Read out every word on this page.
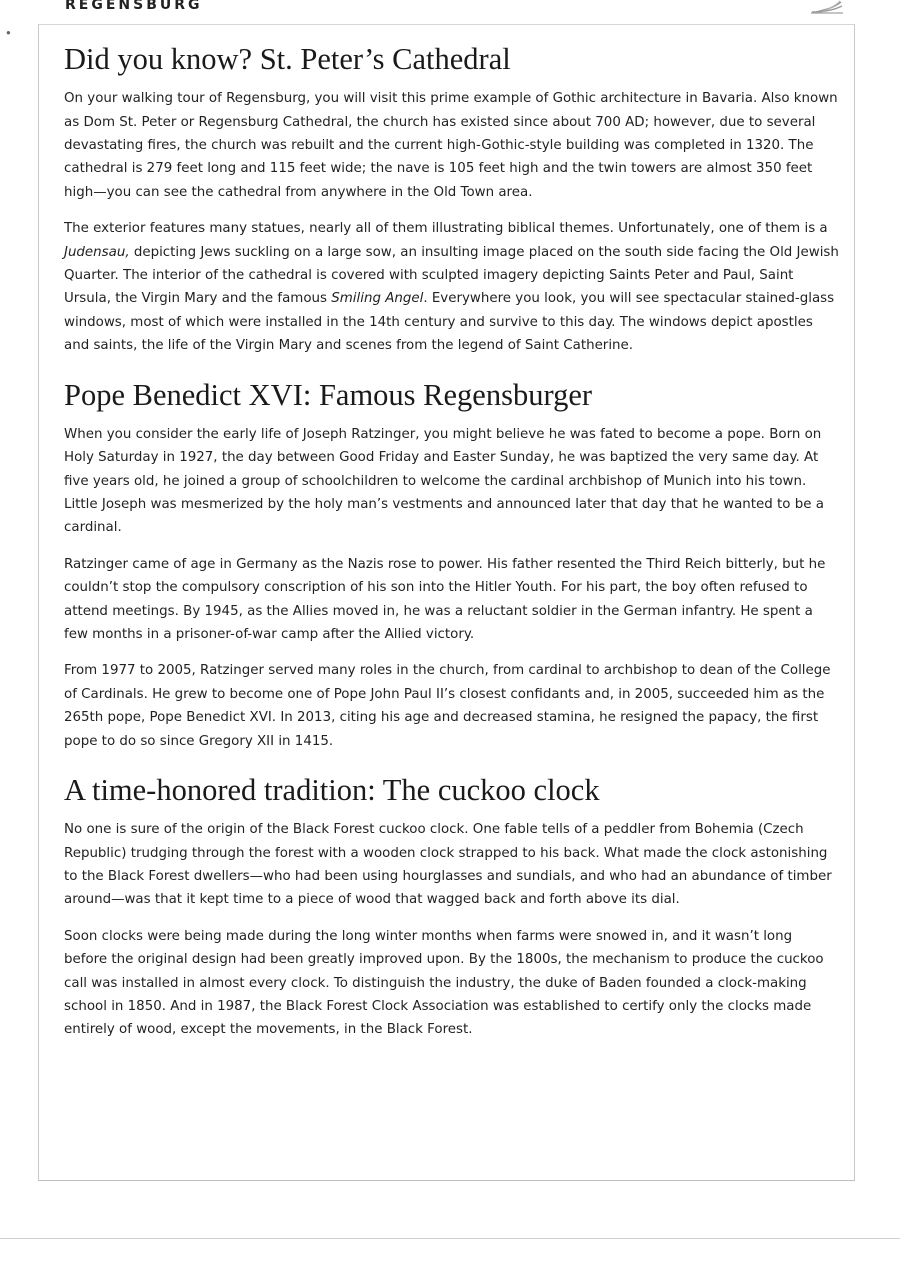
REGENSBURG
●
Did you know? St. Peter’s Cathedral

On your walking tour of Regensburg, you will visit this prime example of Gothic architecture in Bavaria. Also known as Dom St. Peter or Regensburg Cathedral, the church has existed since about 700 AD; however, due to several devastating fires, the church was rebuilt and the current high-Gothic-style building was completed in 1320. The cathedral is 279 feet long and 115 feet wide; the nave is 105 feet high and the twin towers are almost 350 feet high—you can see the cathedral from anywhere in the Old Town area.

The exterior features many statues, nearly all of them illustrating biblical themes. Unfortunately, one of them is a Judensau, depicting Jews suckling on a large sow, an insulting image placed on the south side facing the Old Jewish Quarter. The interior of the cathedral is covered with sculpted imagery depicting Saints Peter and Paul, Saint Ursula, the Virgin Mary and the famous Smiling Angel. Everywhere you look, you will see spectacular stained-glass windows, most of which were installed in the 14th century and survive to this day. The windows depict apostles and saints, the life of the Virgin Mary and scenes from the legend of Saint Catherine.

Pope Benedict XVI: Famous Regensburger

When you consider the early life of Joseph Ratzinger, you might believe he was fated to become a pope. Born on Holy Saturday in 1927, the day between Good Friday and Easter Sunday, he was baptized the very same day. At five years old, he joined a group of schoolchildren to welcome the cardinal archbishop of Munich into his town. Little Joseph was mesmerized by the holy man’s vestments and announced later that day that he wanted to be a cardinal.

Ratzinger came of age in Germany as the Nazis rose to power. His father resented the Third Reich bitterly, but he couldn’t stop the compulsory conscription of his son into the Hitler Youth. For his part, the boy often refused to attend meetings. By 1945, as the Allies moved in, he was a reluctant soldier in the German infantry. He spent a few months in a prisoner-of-war camp after the Allied victory.

From 1977 to 2005, Ratzinger served many roles in the church, from cardinal to archbishop to dean of the College of Cardinals. He grew to become one of Pope John Paul II’s closest confidants and, in 2005, succeeded him as the 265th pope, Pope Benedict XVI. In 2013, citing his age and decreased stamina, he resigned the papacy, the first pope to do so since Gregory XII in 1415.

A time-honored tradition: The cuckoo clock

No one is sure of the origin of the Black Forest cuckoo clock. One fable tells of a peddler from Bohemia (Czech Republic) trudging through the forest with a wooden clock strapped to his back. What made the clock astonishing to the Black Forest dwellers—who had been using hourglasses and sundials, and who had an abundance of timber around—was that it kept time to a piece of wood that wagged back and forth above its dial.

Soon clocks were being made during the long winter months when farms were snowed in, and it wasn’t long before the original design had been greatly improved upon. By the 1800s, the mechanism to produce the cuckoo call was installed in almost every clock. To distinguish the industry, the duke of Baden founded a clock-making school in 1850. And in 1987, the Black Forest Clock Association was established to certify only the clocks made entirely of wood, except the movements, in the Black Forest.
